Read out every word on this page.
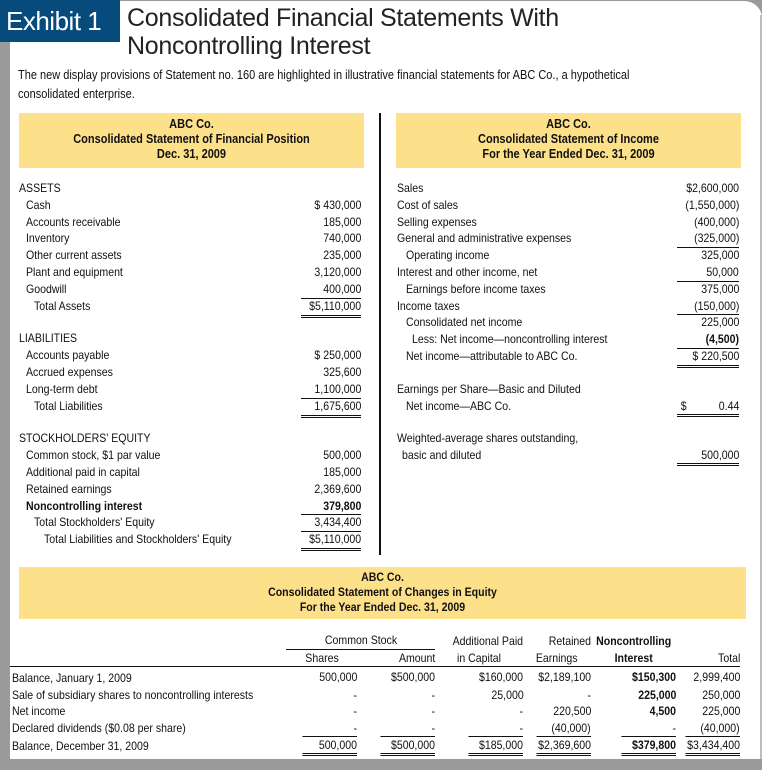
Exhibit 1	Consolidated Financial Statements With
Noncontrolling Interest
The new display provisions of Statement no. 160 are highlighted in illustrative financial statements for ABC Co., a hypothetical
consolidated enterprise.
ABC Co.
Consolidated Statement of Financial Position
Dec. 31, 2009
ABC Co.
Consolidated Statement of Income
For the Year Ended Dec. 31, 2009
ASSETS
Cash	$ 430,000
Accounts receivable	185,000
Inventory	740,000
Other current assets	235,000
Plant and equipment	3,120,000
Goodwill	400,000
Total Assets	$5,110,000
LIABILITIES
Accounts payable	$ 250,000
Accrued expenses	325,600
Long-term debt	1,100,000
Total Liabilities	1,675,600
STOCKHOLDERS' EQUITY
Common stock, $1 par value	500,000
Additional paid in capital	185,000
Retained earnings	2,369,600
Noncontrolling interest	379,800
Total Stockholders' Equity	3,434,400
Total Liabilities and Stockholders' Equity	$5,110,000
Sales	$2,600,000
Cost of sales	(1,550,000)
Selling expenses	(400,000)
General and administrative expenses	(325,000)
Operating income	325,000
Interest and other income, net	50,000
Earnings before income taxes	375,000
Income taxes	(150,000)
Consolidated net income	225,000
Less: Net income—noncontrolling interest	(4,500)
Net income—attributable to ABC Co.	$ 220,500
Earnings per Share—Basic and Diluted
Net income—ABC Co.	$	0.44
Weighted-average shares outstanding,
basic and diluted	500,000
ABC Co.
Consolidated Statement of Changes in Equity
For the Year Ended Dec. 31, 2009
	Common Stock		Additional Paid	Retained	Noncontrolling	
	Shares	Amount	in Capital	Earnings	Interest	Total
Balance, January 1, 2009	500,000	$500,000	$160,000	$2,189,100	$150,300	2,999,400
Sale of subsidiary shares to noncontrolling interests	-	-	25,000	-	225,000	250,000
Net income	-	-	-	220,500	4,500	225,000
Declared dividends ($0.08 per share)	-	-	-	(40,000)	-	(40,000)
Balance, December 31, 2009	500,000	$500,000	$185,000	$2,369,600	$379,800	$3,434,400
